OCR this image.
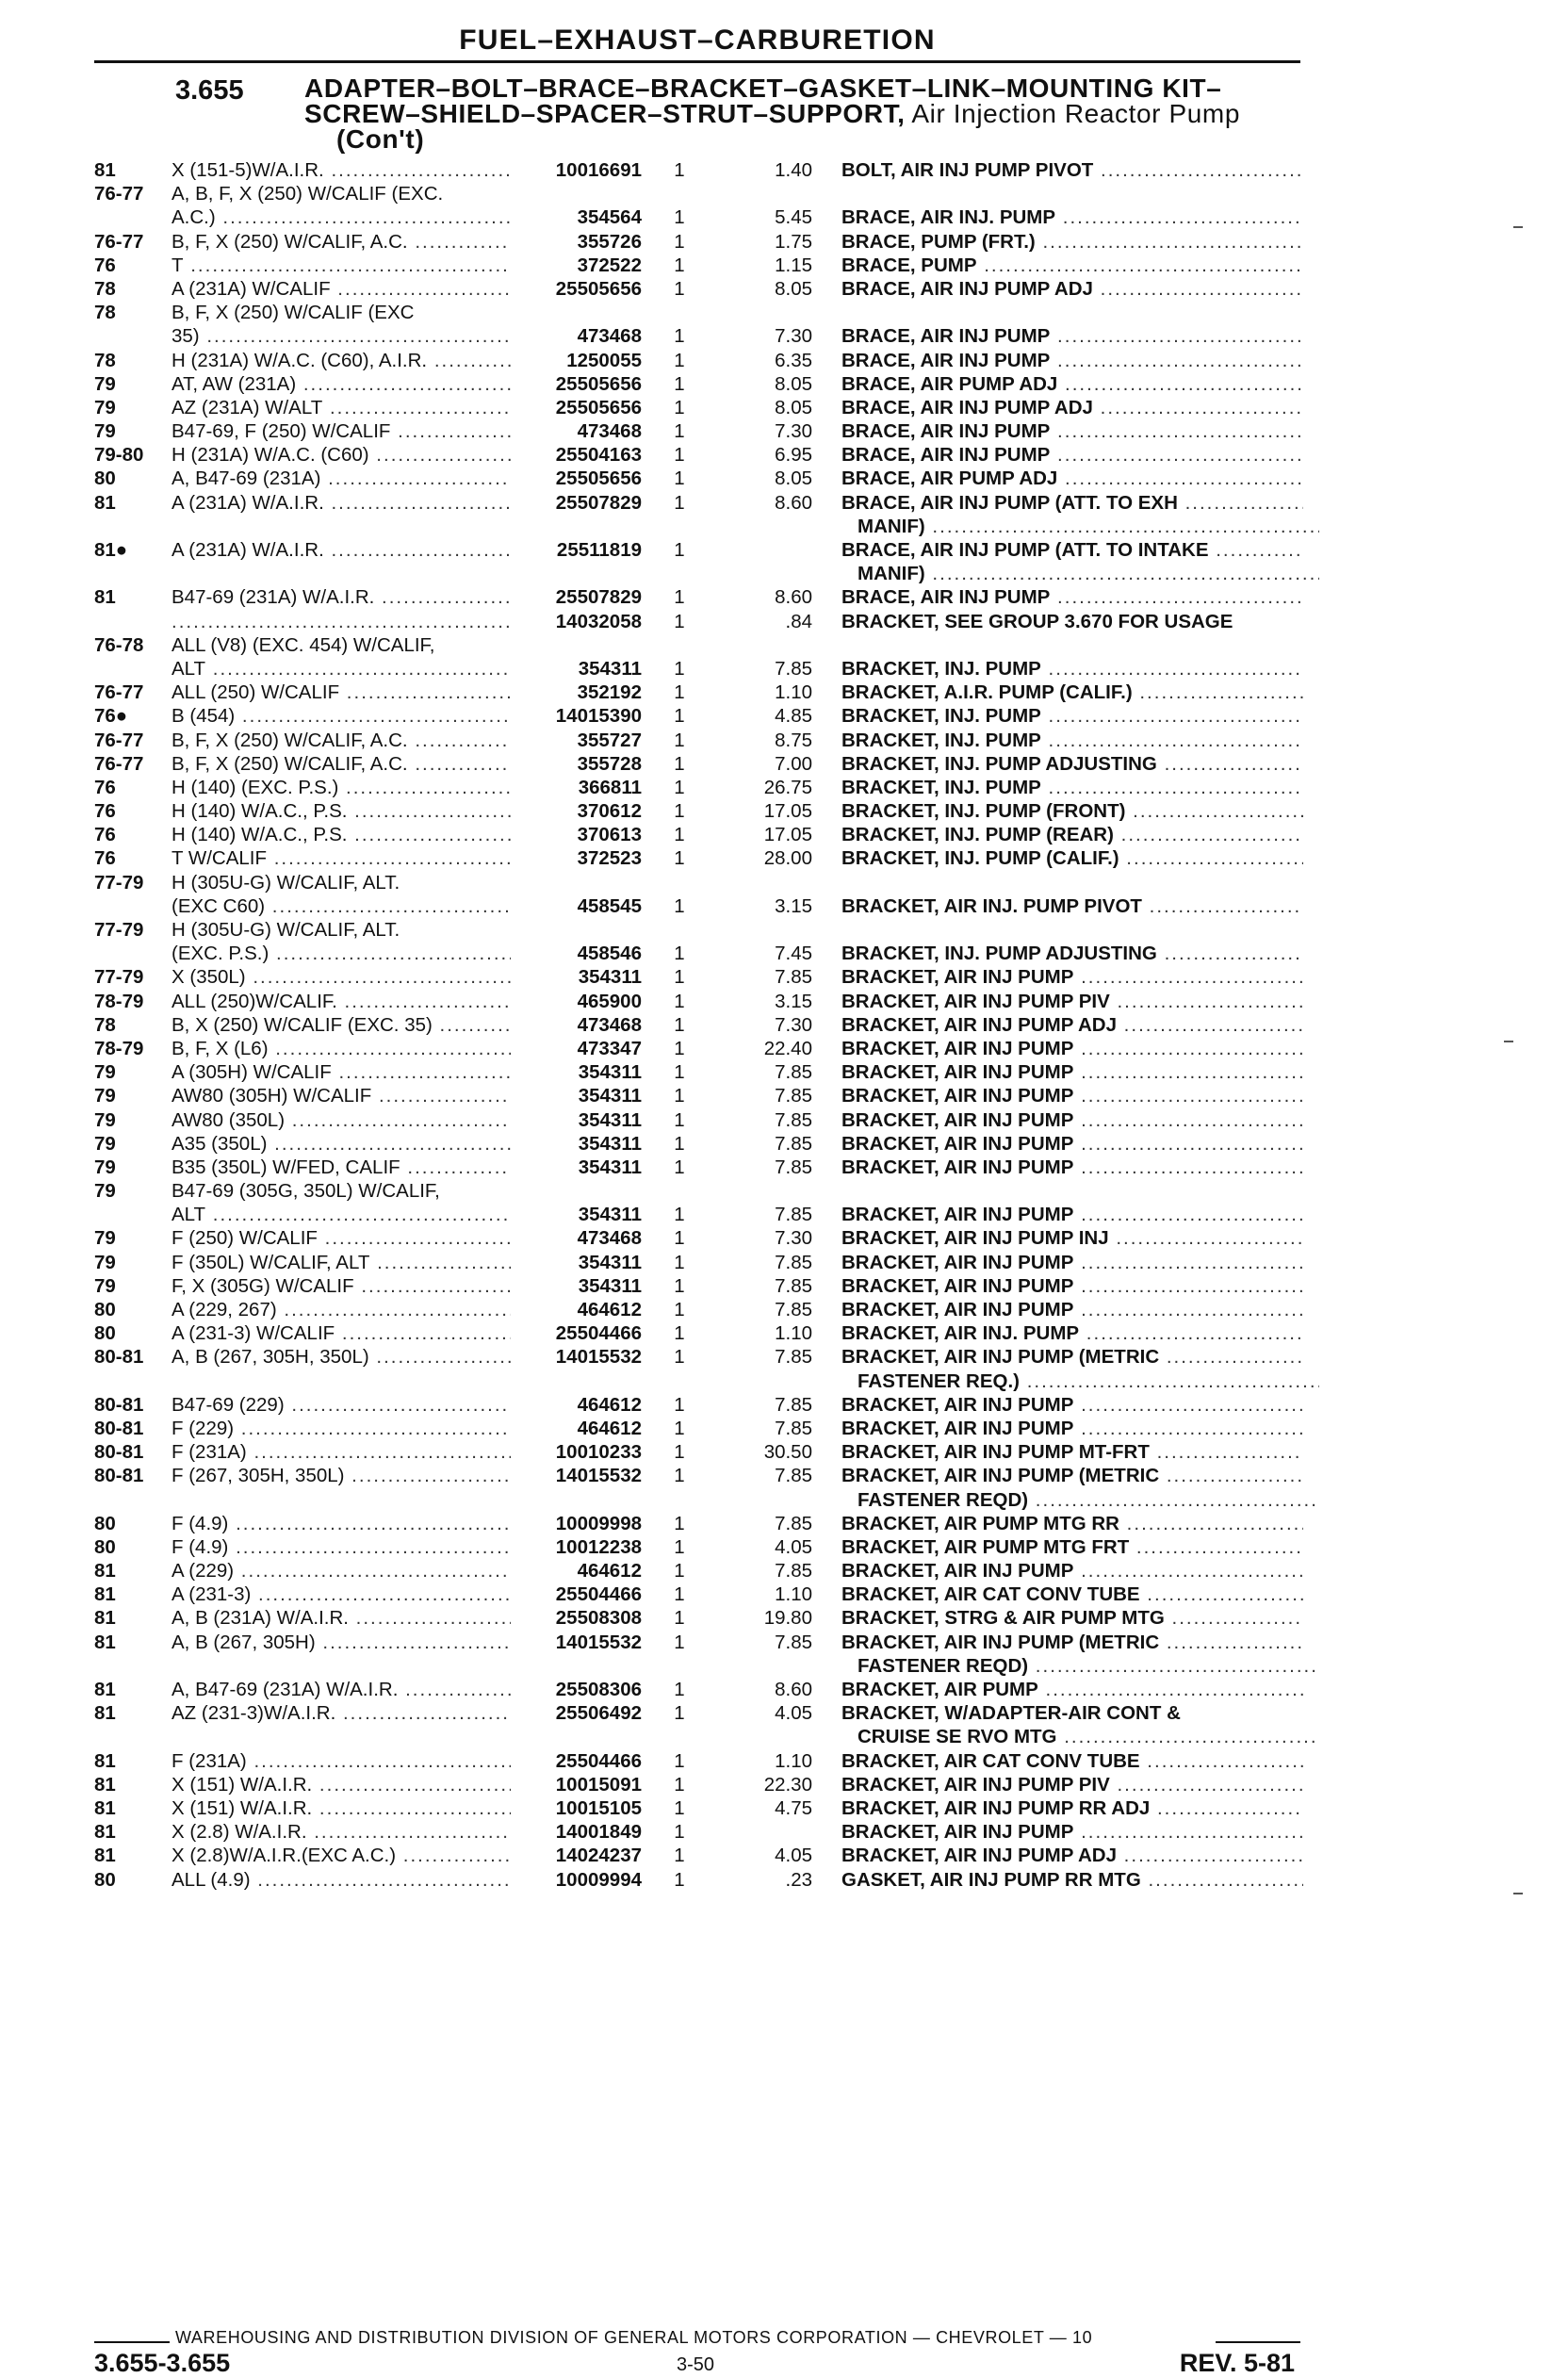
FUEL–EXHAUST–CARBURETION
3.655 ADAPTER–BOLT–BRACE–BRACKET–GASKET–LINK–MOUNTING KIT–
SCREW–SHIELD–SPACER–STRUT–SUPPORT, Air Injection Reactor Pump
(Con't)
81	X (151-5)W/A.I.R. .....	10016691 1	1.40 BOLT, AIR INJ PUMP PIVOT .....
76-77	A, B, F, X (250) W/CALIF (EXC.
A.C.) .....	354564 1	5.45 BRACE, AIR INJ. PUMP .....
76-77	B, F, X (250) W/CALIF, A.C. .....	355726 1	1.75 BRACE, PUMP (FRT.) .....
76	T .....	372522 1	1.15 BRACE, PUMP .....
78	A (231A) W/CALIF .....	25505656 1	8.05 BRACE, AIR INJ PUMP ADJ .....
78	B, F, X (250) W/CALIF (EXC
35) .....	473468 1	7.30 BRACE, AIR INJ PUMP .....
78	H (231A) W/A.C. (C60), A.I.R. .....	1250055 1	6.35 BRACE, AIR INJ PUMP .....
79	AT, AW (231A) .....	25505656 1	8.05 BRACE, AIR PUMP ADJ .....
79	AZ (231A) W/ALT .....	25505656 1	8.05 BRACE, AIR INJ PUMP ADJ .....
79	B47-69, F (250) W/CALIF .....	473468 1	7.30 BRACE, AIR INJ PUMP .....
79-80	H (231A) W/A.C. (C60) .....	25504163 1	6.95 BRACE, AIR INJ PUMP .....
80	A, B47-69 (231A) .....	25505656 1	8.05 BRACE, AIR PUMP ADJ .....
81	A (231A) W/A.I.R. .....	25507829 1	8.60 BRACE, AIR INJ PUMP (ATT. TO EXH .....
MANIF) .....
81●	A (231A) W/A.I.R. .....	25511819 1	BRACE, AIR INJ PUMP (ATT. TO INTAKE .....
MANIF) .....
81	B47-69 (231A) W/A.I.R. .....	25507829 1	8.60 BRACE, AIR INJ PUMP .....
.....
14032058 1	.84 BRACKET, SEE GROUP 3.670 FOR USAGE
76-78	ALL (V8) (EXC. 454) W/CALIF,
ALT .....	354311 1	7.85 BRACKET, INJ. PUMP .....
76-77	ALL (250) W/CALIF .....	352192 1	1.10 BRACKET, A.I.R. PUMP (CALIF.) .....
76●	B (454) .....	14015390 1	4.85 BRACKET, INJ. PUMP .....
76-77	B, F, X (250) W/CALIF, A.C. .....	355727 1	8.75 BRACKET, INJ. PUMP .....
76-77	B, F, X (250) W/CALIF, A.C. .....	355728 1	7.00 BRACKET, INJ. PUMP ADJUSTING .....
76	H (140) (EXC. P.S.) .....	366811 1	26.75 BRACKET, INJ. PUMP .....
76	H (140) W/A.C., P.S. .....	370612 1	17.05 BRACKET, INJ. PUMP (FRONT) .....
76	H (140) W/A.C., P.S. .....	370613 1	17.05 BRACKET, INJ. PUMP (REAR) .....
76	T W/CALIF .....	372523 1	28.00 BRACKET, INJ. PUMP (CALIF.) .....
77-79	H (305U-G) W/CALIF, ALT.
(EXC C60) .....	458545 1	3.15 BRACKET, AIR INJ. PUMP PIVOT .....
77-79	H (305U-G) W/CALIF, ALT.
(EXC. P.S.) .....	458546 1	7.45 BRACKET, INJ. PUMP ADJUSTING .....
77-79	X (350L) .....	354311 1	7.85 BRACKET, AIR INJ PUMP .....
78-79	ALL (250)W/CALIF. .....	465900 1	3.15 BRACKET, AIR INJ PUMP PIV .....
78	B, X (250) W/CALIF (EXC. 35) .....	473468 1	7.30 BRACKET, AIR INJ PUMP ADJ .....
78-79	B, F, X (L6) .....	473347 1	22.40 BRACKET, AIR INJ PUMP .....
79	A (305H) W/CALIF .....	354311 1	7.85 BRACKET, AIR INJ PUMP .....
79	AW80 (305H) W/CALIF .....	354311 1	7.85 BRACKET, AIR INJ PUMP .....
79	AW80 (350L) .....	354311 1	7.85 BRACKET, AIR INJ PUMP .....
79	A35 (350L) .....	354311 1	7.85 BRACKET, AIR INJ PUMP .....
79	B35 (350L) W/FED, CALIF .....	354311 1	7.85 BRACKET, AIR INJ PUMP .....
79	B47-69 (305G, 350L) W/CALIF,
ALT .....	354311 1	7.85 BRACKET, AIR INJ PUMP .....
79	F (250) W/CALIF .....	473468 1	7.30 BRACKET, AIR INJ PUMP INJ .....
79	F (350L) W/CALIF, ALT .....	354311 1	7.85 BRACKET, AIR INJ PUMP .....
79	F, X (305G) W/CALIF .....	354311 1	7.85 BRACKET, AIR INJ PUMP .....
80	A (229, 267) .....	464612 1	7.85 BRACKET, AIR INJ PUMP .....
80	A (231-3) W/CALIF .....	25504466 1	1.10 BRACKET, AIR INJ. PUMP .....
80-81	A, B (267, 305H, 350L) .....	14015532 1	7.85 BRACKET, AIR INJ PUMP (METRIC .....
FASTENER REQ.) .....
80-81	B47-69 (229) .....	464612 1	7.85 BRACKET, AIR INJ PUMP .....
80-81	F (229) .....	464612 1	7.85 BRACKET, AIR INJ PUMP .....
80-81	F (231A) .....	10010233 1	30.50 BRACKET, AIR INJ PUMP MT-FRT .....
80-81	F (267, 305H, 350L) .....	14015532 1	7.85 BRACKET, AIR INJ PUMP (METRIC .....
FASTENER REQD) .....
80	F (4.9) .....	10009998 1	7.85 BRACKET, AIR PUMP MTG RR .....
80	F (4.9) .....	10012238 1	4.05 BRACKET, AIR PUMP MTG FRT .....
81	A (229) .....	464612 1	7.85 BRACKET, AIR INJ PUMP .....
81	A (231-3) .....	25504466 1	1.10 BRACKET, AIR CAT CONV TUBE .....
81	A, B (231A) W/A.I.R. .....	25508308 1	19.80 BRACKET, STRG & AIR PUMP MTG .....
81	A, B (267, 305H) .....	14015532 1	7.85 BRACKET, AIR INJ PUMP (METRIC .....
FASTENER REQD) .....
81	A, B47-69 (231A) W/A.I.R. .....	25508306 1	8.60 BRACKET, AIR PUMP .....
81	AZ (231-3)W/A.I.R. .....	25506492 1	4.05 BRACKET, W/ADAPTER-AIR CONT &
CRUISE SE RVO MTG .....
81	F (231A) .....	25504466 1	1.10 BRACKET, AIR CAT CONV TUBE .....
81	X (151) W/A.I.R. .....	10015091 1	22.30 BRACKET, AIR INJ PUMP PIV .....
81	X (151) W/A.I.R. .....	10015105 1	4.75 BRACKET, AIR INJ PUMP RR ADJ .....
81	X (2.8) W/A.I.R. .....	14001849 1	BRACKET, AIR INJ PUMP .....
81	X (2.8)W/A.I.R.(EXC A.C.) .....	14024237 1	4.05 BRACKET, AIR INJ PUMP ADJ .....
80	ALL (4.9) .....	10009994 1	.23 GASKET, AIR INJ PUMP RR MTG .....
WAREHOUSING AND DISTRIBUTION DIVISION OF GENERAL MOTORS CORPORATION — CHEVROLET — 10
3.655-3.655	3-50	REV. 5-81
